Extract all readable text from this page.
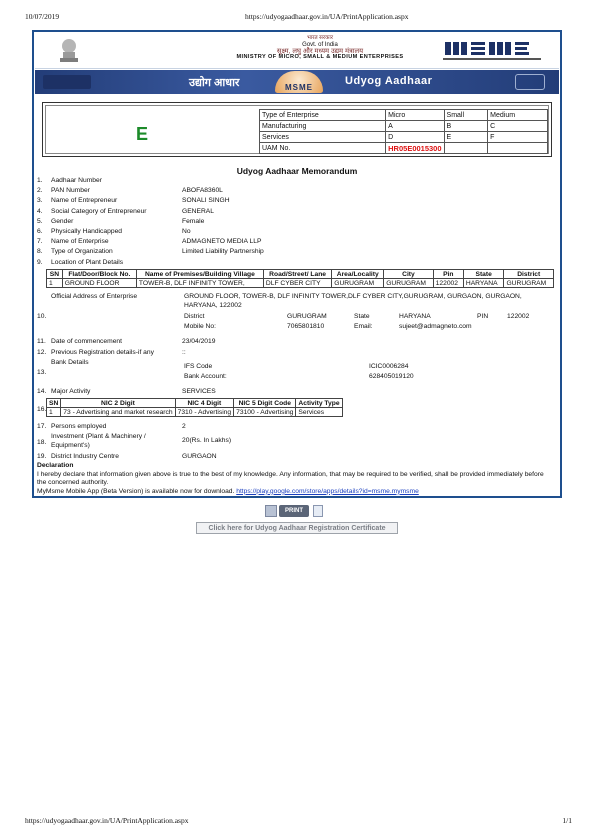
10/07/2019	https://udyogaadhaar.gov.in/UA/PrintApplication.aspx
भारत सरकार
Govt. of India
सूक्ष्म, लघु और मध्यम उद्यम मंत्रालय
MINISTRY OF MICRO, SMALL & MEDIUM ENTERPRISES
उद्योग आधार	MSME
Udyog Aadhaar
E
Type of Enterprise	Micro	Small	Medium
Manufacturing	A	B	C
Services	D	E	F
UAM No.	HR05E0015300		
Udyog Aadhaar Memorandum
1. Aadhaar Number
2. PAN Number	ABOFA8360L
3. Name of Entrepreneur	SONALI SINGH
4. Social Category of Entrepreneur	GENERAL
5. Gender	Female
6. Physically Handicapped	No
7. Name of Enterprise	ADMAGNETO MEDIA LLP
8. Type of Organization	Limited Liability Partnership
9. Location of Plant Details
SN	Flat/Door/Block No.	Name of Premises/Building Village	Road/Street/ Lane	Area/Locality	City	Pin	State	District
1	GROUND FLOOR	TOWER-B, DLF INFINITY TOWER,	DLF CYBER CITY	GURUGRAM	GURUGRAM	122002	HARYANA	GURUGRAM
Official Address of Enterprise
10.
GROUND FLOOR, TOWER-B, DLF INFINITY TOWER,DLF CYBER CITY,GURUGRAM, GURGAON, GURGAON,
HARYANA, 122002
District	GURUGRAM	State	HARYANA	PIN	122002
Mobile No:	7065801810	Email:	sujeet@admagneto.com
11. Date of commencement	23/04/2019
12. Previous Registration details-if any	::
Bank Details
13.
IFS Code	ICIC0006284
Bank Account:	628405019120
14. Major Activity	SERVICES
16.
SN	NIC 2 Digit	NIC 4 Digit	NIC 5 Digit Code	Activity Type
1	73 - Advertising and market research	7310 - Advertising	73100 - Advertising	Services
17. Persons employed	2
18.
Investment (Plant & Machinery /
Equipment's)
20(Rs. In Lakhs)
19. District Industry Centre	GURGAON
Declaration
I hereby declare that information given above is true to the best of my knowledge. Any information, that may be required to be verified, shall be provided immediately before the concerned authority.
MyMsme Mobile App (Beta Version) is available now for download. https://play.google.com/store/apps/details?id=msme.mymsme
PRINT
Click here for Udyog Aadhaar Registration Certificate
https://udyogaadhaar.gov.in/UA/PrintApplication.aspx	1/1
